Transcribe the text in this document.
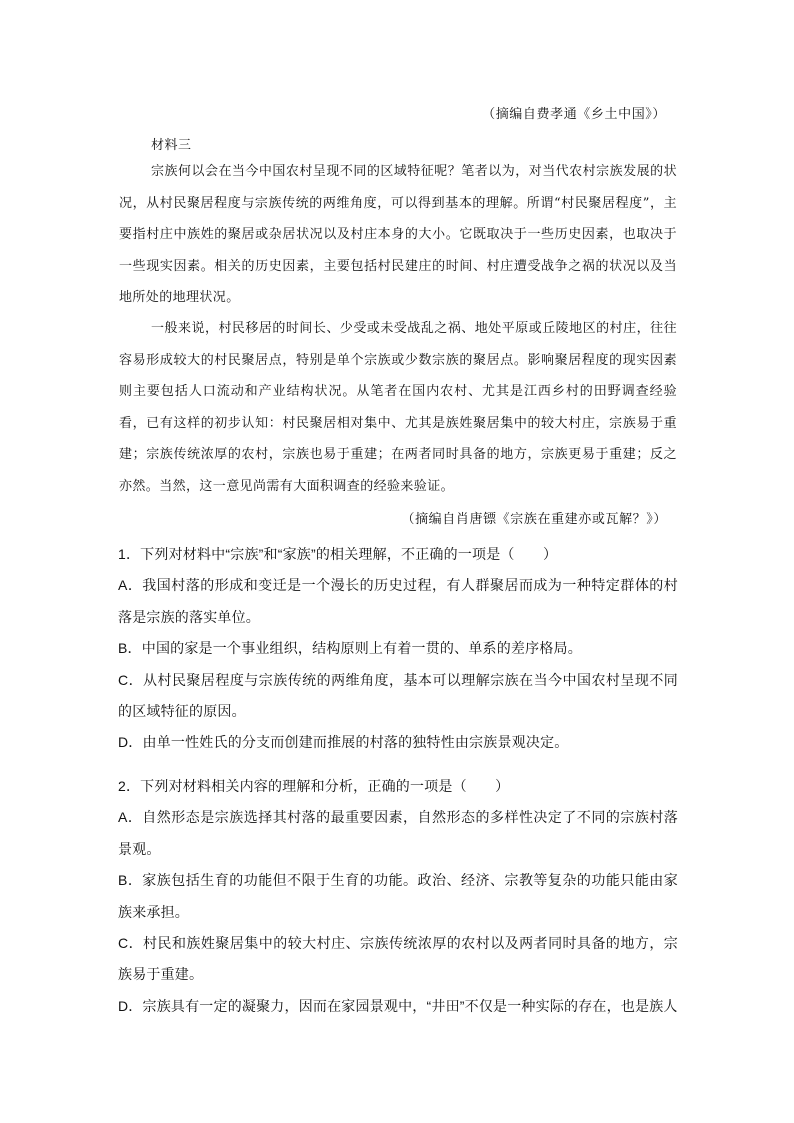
（摘编自费孝通《乡土中国》）
材料三

宗族何以会在当今中国农村呈现不同的区域特征呢？笔者以为，对当代农村宗族发展的状况，从村民聚居程度与宗族传统的两维角度，可以得到基本的理解。所谓“村民聚居程度”，主要指村庄中族姓的聚居或杂居状况以及村庄本身的大小。它既取决于一些历史因素，也取决于一些现实因素。相关的历史因素，主要包括村民建庄的时间、村庄遭受战争之祸的状况以及当地所处的地理状况。

一般来说，村民移居的时间长、少受或未受战乱之祸、地处平原或丘陵地区的村庄，往往容易形成较大的村民聚居点，特别是单个宗族或少数宗族的聚居点。影响聚居程度的现实因素则主要包括人口流动和产业结构状况。从笔者在国内农村、尤其是江西乡村的田野调查经验看，已有这样的初步认知：村民聚居相对集中、尤其是族姓聚居集中的较大村庄，宗族易于重建；宗族传统浓厚的农村，宗族也易于重建；在两者同时具备的地方，宗族更易于重建；反之亦然。当然，这一意见尚需有大面积调查的经验来验证。

（摘编自肖唐镖《宗族在重建亦或瓦解？》）

1．下列对材料中“宗族”和“家族”的相关理解，不正确的一项是（　　）

A．我国村落的形成和变迁是一个漫长的历史过程，有人群聚居而成为一种特定群体的村落是宗族的落实单位。

B．中国的家是一个事业组织，结构原则上有着一贯的、单系的差序格局。

C．从村民聚居程度与宗族传统的两维角度，基本可以理解宗族在当今中国农村呈现不同的区域特征的原因。

D．由单一性姓氏的分支而创建而推展的村落的独特性由宗族景观决定。

2．下列对材料相关内容的理解和分析，正确的一项是（　　）

A．自然形态是宗族选择其村落的最重要因素，自然形态的多样性决定了不同的宗族村落景观。

B．家族包括生育的功能但不限于生育的功能。政治、经济、宗教等复杂的功能只能由家族来承担。

C．村民和族姓聚居集中的较大村庄、宗族传统浓厚的农村以及两者同时具备的地方，宗族易于重建。

D．宗族具有一定的凝聚力，因而在家园景观中，“井田”不仅是一种实际的存在，也是族人
